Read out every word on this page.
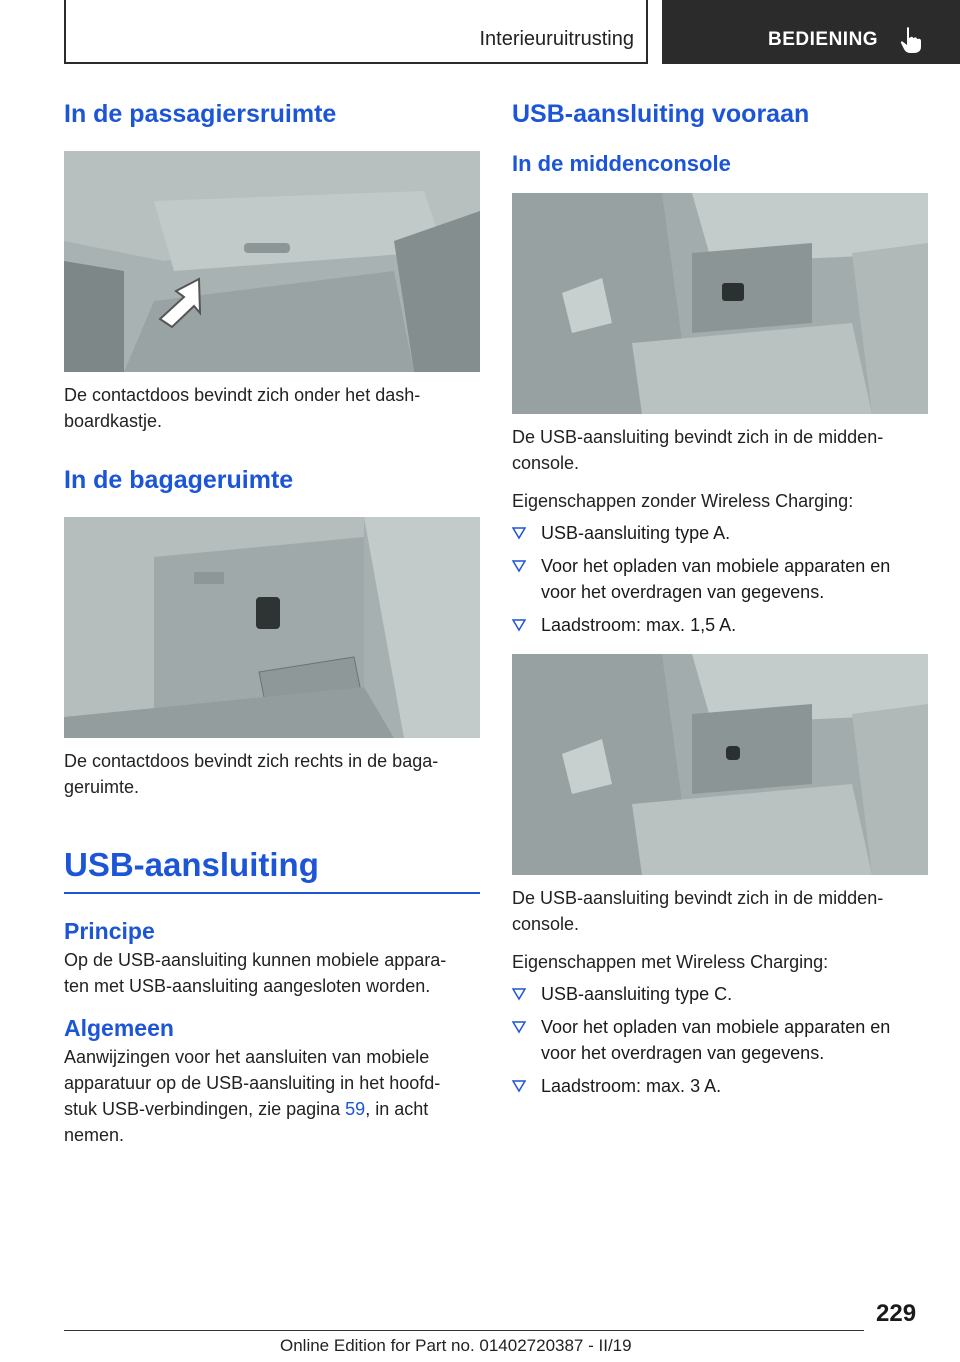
Interieuruitrusting	BEDIENING
In de passagiersruimte

De contactdoos bevindt zich onder het dash-
boardkastje.

In de bagageruimte

De contactdoos bevindt zich rechts in de baga-
geruimte.

USB-aansluiting
Principe

Op de USB-aansluiting kunnen mobiele appara-
ten met USB-aansluiting aangesloten worden.

Algemeen

Aanwijzingen voor het aansluiten van mobiele
apparatuur op de USB-aansluiting in het hoofd-
stuk USB-verbindingen, zie pagina 59, in acht
nemen.

USB-aansluiting vooraan
In de middenconsole

De USB-aansluiting bevindt zich in de midden-
console.

Eigenschappen zonder Wireless Charging:

USB-aansluiting type A.
Voor het opladen van mobiele apparaten en
voor het overdragen van gegevens.
Laadstroom: max. 1,5 A.

De USB-aansluiting bevindt zich in de midden-
console.

Eigenschappen met Wireless Charging:

USB-aansluiting type C.
Voor het opladen van mobiele apparaten en
voor het overdragen van gegevens.
Laadstroom: max. 3 A.
229
Online Edition for Part no. 01402720387 - II/19
